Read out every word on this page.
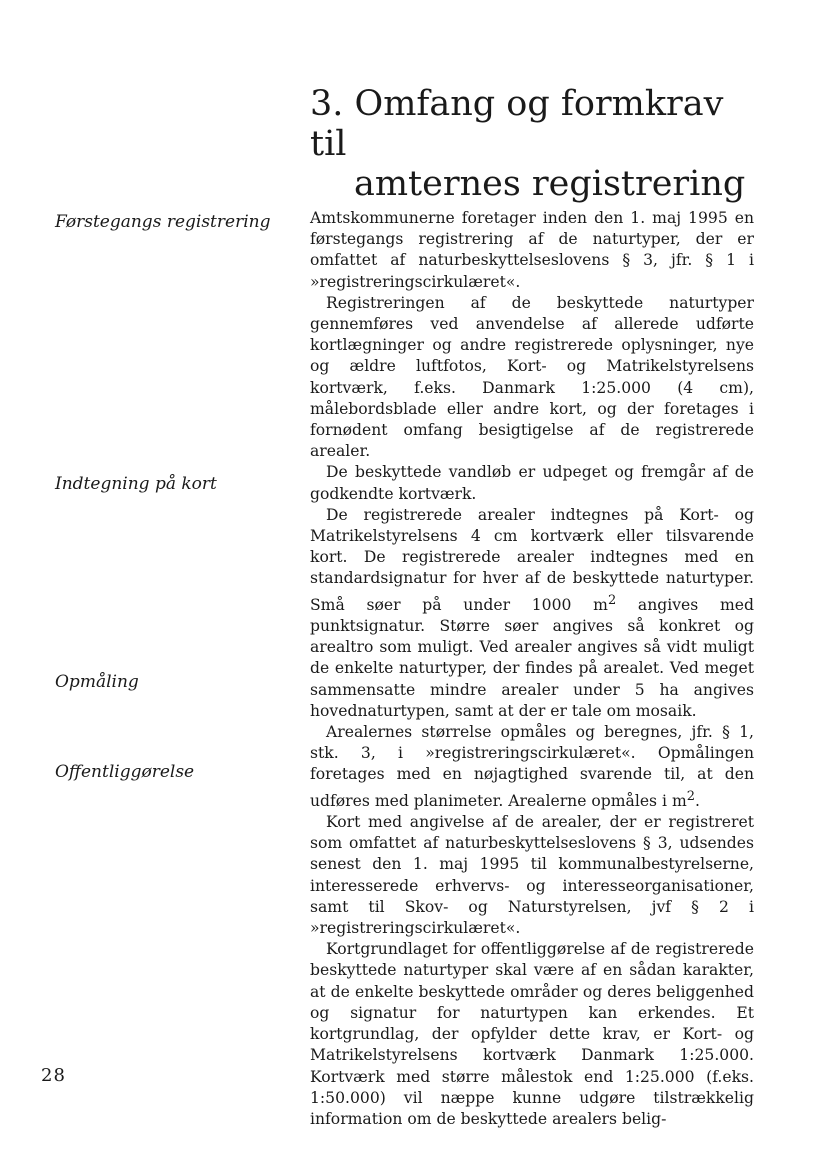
3. Omfang og formkrav til
amternes registrering
Førstegangs registrering
Indtegning på kort
Opmåling
Offentliggørelse

Amtskommunerne foretager inden den 1. maj 1995 en førstegangs registrering af de naturtyper, der er omfattet af naturbeskyttelseslovens § 3, jfr. § 1 i »registreringscirkulæret«.

Registreringen af de beskyttede naturtyper gennemføres ved anvendelse af allerede udførte kortlægninger og andre registrerede oplysninger, nye og ældre luftfotos, Kort- og Matrikelstyrelsens kortværk, f.eks. Danmark 1:25.000 (4 cm), målebordsblade eller andre kort, og der foretages i fornødent omfang besigtigelse af de registrerede arealer.

De beskyttede vandløb er udpeget og fremgår af de godkendte kortværk.

De registrerede arealer indtegnes på Kort- og Matrikelstyrelsens 4 cm kortværk eller tilsvarende kort. De registrerede arealer indtegnes med en standardsignatur for hver af de beskyttede naturtyper. Små søer på under 1000 $m^2$ angives med punktsignatur. Større søer angives så konkret og arealtro som muligt. Ved arealer angives så vidt muligt de enkelte naturtyper, der findes på arealet. Ved meget sammensatte mindre arealer under 5 ha angives hovednaturtypen, samt at der er tale om mosaik.

Arealernes størrelse opmåles og beregnes, jfr. § 1, stk. 3, i »registreringscirkulæret«. Opmålingen foretages med en nøjagtighed svarende til, at den udføres med planimeter. Arealerne opmåles i $m^2$.

Kort med angivelse af de arealer, der er registreret som omfattet af naturbeskyttelseslovens § 3, udsendes senest den 1. maj 1995 til kommunalbestyrelserne, interesserede erhvervs- og interesseorganisationer, samt til Skov- og Naturstyrelsen, jvf § 2 i »registreringscirkulæret«.

Kortgrundlaget for offentliggørelse af de registrerede beskyttede naturtyper skal være af en sådan karakter, at de enkelte beskyttede områder og deres beliggenhed og signatur for naturtypen kan erkendes. Et kortgrundlag, der opfylder dette krav, er Kort- og Matrikelstyrelsens kortværk Danmark 1:25.000. Kortværk med større målestok end 1:25.000 (f.eks. 1:50.000) vil næppe kunne udgøre tilstrækkelig information om de beskyttede arealers belig-

28
